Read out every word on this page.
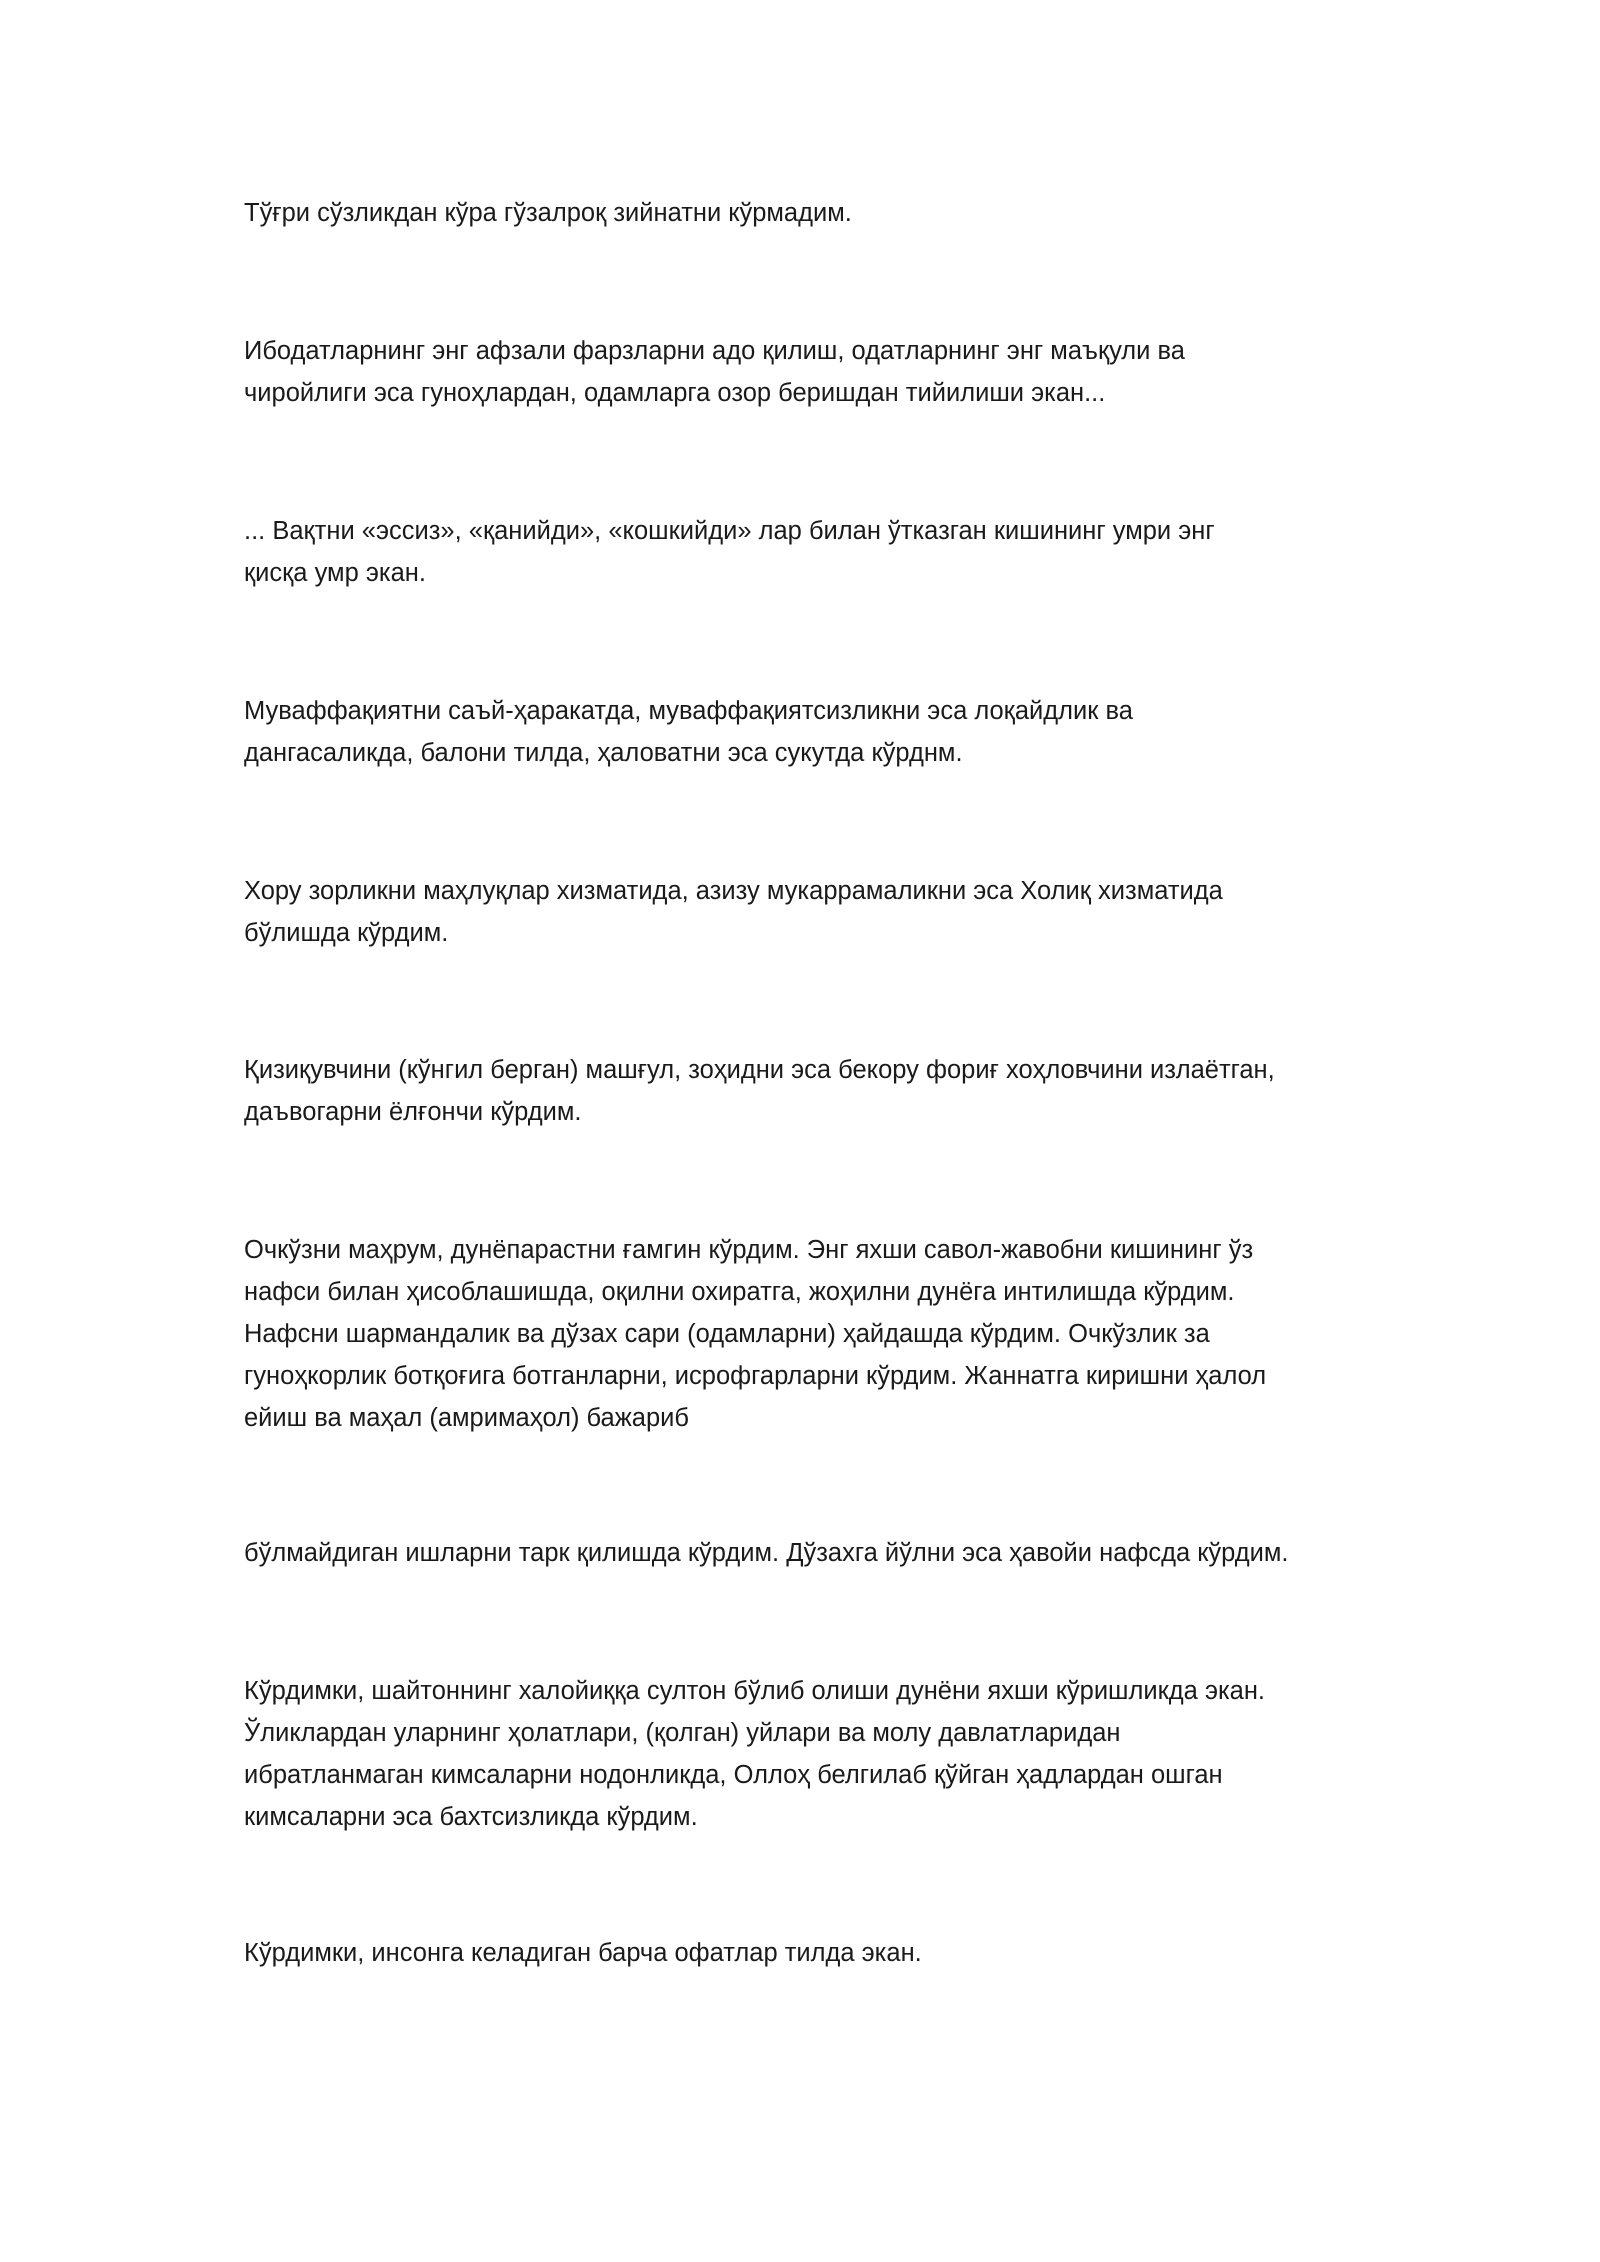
Тўғри сўзликдан кўра гўзалроқ зийнатни кўрмадим.

Ибодатларнинг энг афзали фарзларни адо қилиш, одатларнинг энг маъқули ва
чиройлиги эса гуноҳлардан, одамларга озор беришдан тийилиши экан...

... Вақтни «эссиз», «қанийди», «кошкийди» лар билан ўтказган кишининг умри энг
қисқа умр экан.

Муваффақиятни саъй-ҳаракатда, муваффақиятсизликни эса лоқайдлик ва
дангасаликда, балони тилда, ҳаловатни эса сукутда кўрднм.

Хору зорликни маҳлуқлар хизматида, азизу мукаррамаликни эса Холиқ хизматида
бўлишда кўрдим.

Қизиқувчини (кўнгил берган) машғул, зоҳидни эса бекору фориғ хоҳловчини излаётган,
даъвогарни ёлғончи кўрдим.

Очкўзни маҳрум, дунёпарастни ғамгин кўрдим. Энг яхши савол-жавобни кишининг ўз
нафси билан ҳисоблашишда, оқилни охиратга, жоҳилни дунёга интилишда кўрдим.
Нафсни шармандалик ва дўзах сари (одамларни) ҳайдашда кўрдим. Очкўзлик за
гуноҳкорлик ботқоғига ботганларни, исрофгарларни кўрдим. Жаннатга киришни ҳалол
ейиш ва маҳал (амримаҳол) бажариб

бўлмайдиган ишларни тарк қилишда кўрдим. Дўзахга йўлни эса ҳавойи нафсда кўрдим.

Кўрдимки, шайтоннинг халойиққа султон бўлиб олиши дунёни яхши кўришликда экан.
Ўликлардан уларнинг ҳолатлари, (қолган) уйлари ва молу давлатларидан
ибратланмаган кимсаларни нодонликда, Оллоҳ белгилаб қўйган ҳадлардан ошган
кимсаларни эса бахтсизликда кўрдим.

Кўрдимки, инсонга келадиган барча офатлар тилда экан.
